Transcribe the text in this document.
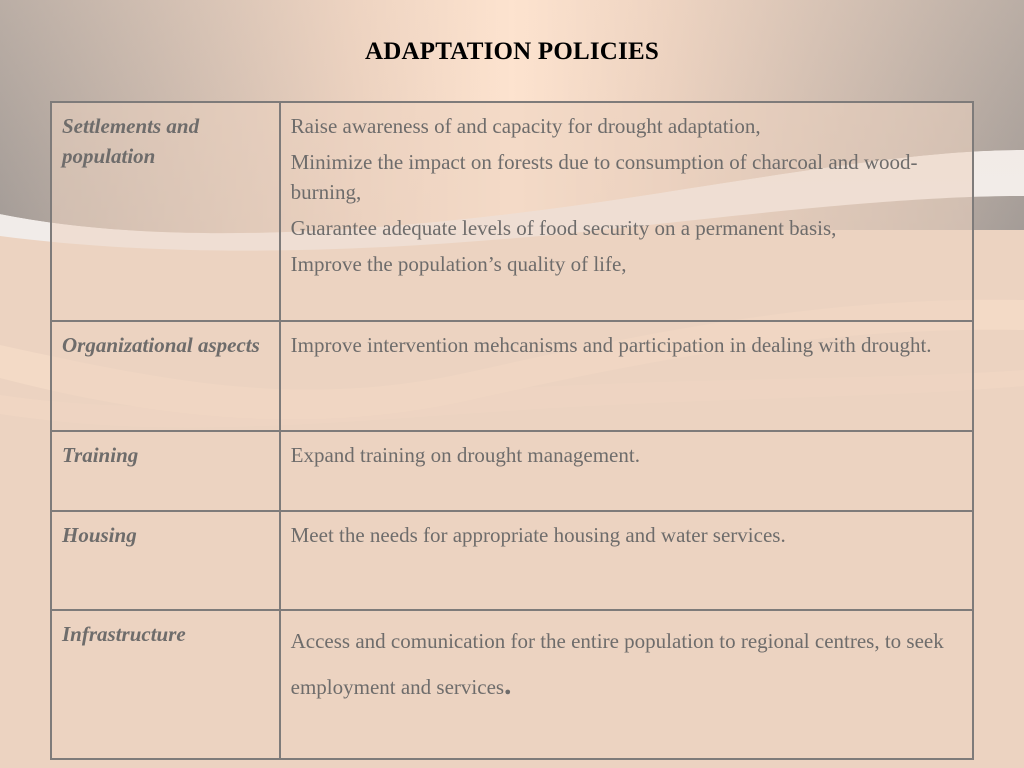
ADAPTATION POLICIES
Settlements and population	Raise awareness of and capacity for drought adaptation,
Minimize the impact on forests due to consumption of charcoal and wood-burning,
Guarantee adequate levels of food security on a permanent basis,
Improve the population’s quality of life,

Organizational aspects	Improve intervention mehcanisms and participation in dealing with drought.

Training	Expand training on drought management.

Housing	Meet the needs for appropriate housing and water services.

Infrastructure	Access and comunication for the entire population to regional centres, to seek employment and services.
